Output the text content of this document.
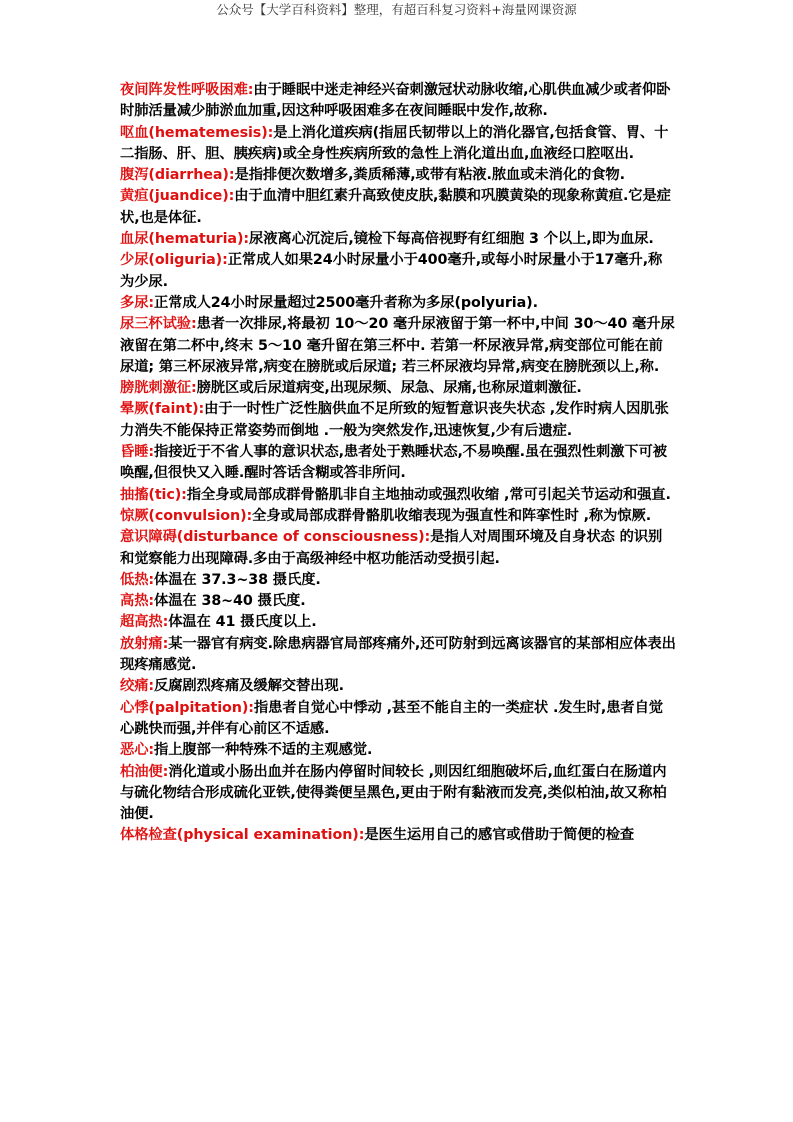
公众号【大学百科资料】整理，有超百科复习资料+海量网课资源

夜间阵发性呼吸困难:由于睡眠中迷走神经兴奋刺激冠状动脉收缩,心肌供血减少或者仰卧时肺活量减少肺淤血加重,因这种呼吸困难多在夜间睡眠中发作,故称.

呕血(hematemesis):是上消化道疾病(指屈氏韧带以上的消化器官,包括食管、胃、十二指肠、肝、胆、胰疾病)或全身性疾病所致的急性上消化道出血,血液经口腔呕出.

腹泻(diarrhea):是指排便次数增多,粪质稀薄,或带有粘液.脓血或未消化的食物.

黄疸(juandice):由于血清中胆红素升高致使皮肤,黏膜和巩膜黄染的现象称黄疸.它是症状,也是体征.

血尿(hematuria):尿液离心沉淀后,镜检下每高倍视野有红细胞 3 个以上,即为血尿.

少尿(oliguria):正常成人如果24小时尿量小于400毫升,或每小时尿量小于17毫升,称为少尿.

多尿:正常成人24小时尿量超过2500毫升者称为多尿(polyuria).

尿三杯试验:患者一次排尿,将最初 10～20 毫升尿液留于第一杯中,中间 30～40 毫升尿液留在第二杯中,终末 5～10 毫升留在第三杯中. 若第一杯尿液异常,病变部位可能在前尿道; 第三杯尿液异常,病变在膀胱或后尿道; 若三杯尿液均异常,病变在膀胱颈以上,称.

膀胱刺激征:膀胱区或后尿道病变,出现尿频、尿急、尿痛,也称尿道刺激征.

晕厥(faint):由于一时性广泛性脑供血不足所致的短暂意识丧失状态 ,发作时病人因肌张力消失不能保持正常姿势而倒地 .一般为突然发作,迅速恢复,少有后遗症.

昏睡:指接近于不省人事的意识状态,患者处于熟睡状态,不易唤醒.虽在强烈性刺激下可被唤醒,但很快又入睡.醒时答话含糊或答非所问.

抽搐(tic):指全身或局部成群骨骼肌非自主地抽动或强烈收缩 ,常可引起关节运动和强直.

惊厥(convulsion):全身或局部成群骨骼肌收缩表现为强直性和阵挛性时 ,称为惊厥.

意识障碍(disturbance of consciousness):是指人对周围环境及自身状态 的识别和觉察能力出现障碍.多由于高级神经中枢功能活动受损引起.

低热:体温在 37.3~38 摄氏度.

高热:体温在 38~40 摄氏度.

超高热:体温在 41 摄氏度以上.

放射痛:某一器官有病变.除患病器官局部疼痛外,还可防射到远离该器官的某部相应体表出现疼痛感觉.

绞痛:反腐剧烈疼痛及缓解交替出现.

心悸(palpitation):指患者自觉心中悸动 ,甚至不能自主的一类症状 .发生时,患者自觉心跳快而强,并伴有心前区不适感.

恶心:指上腹部一种特殊不适的主观感觉.

柏油便:消化道或小肠出血并在肠内停留时间较长 ,则因红细胞破坏后,血红蛋白在肠道内与硫化物结合形成硫化亚铁,使得粪便呈黑色,更由于附有黏液而发亮,类似柏油,故又称柏油便.

体格检查(physical examination):是医生运用自己的感官或借助于简便的检查
